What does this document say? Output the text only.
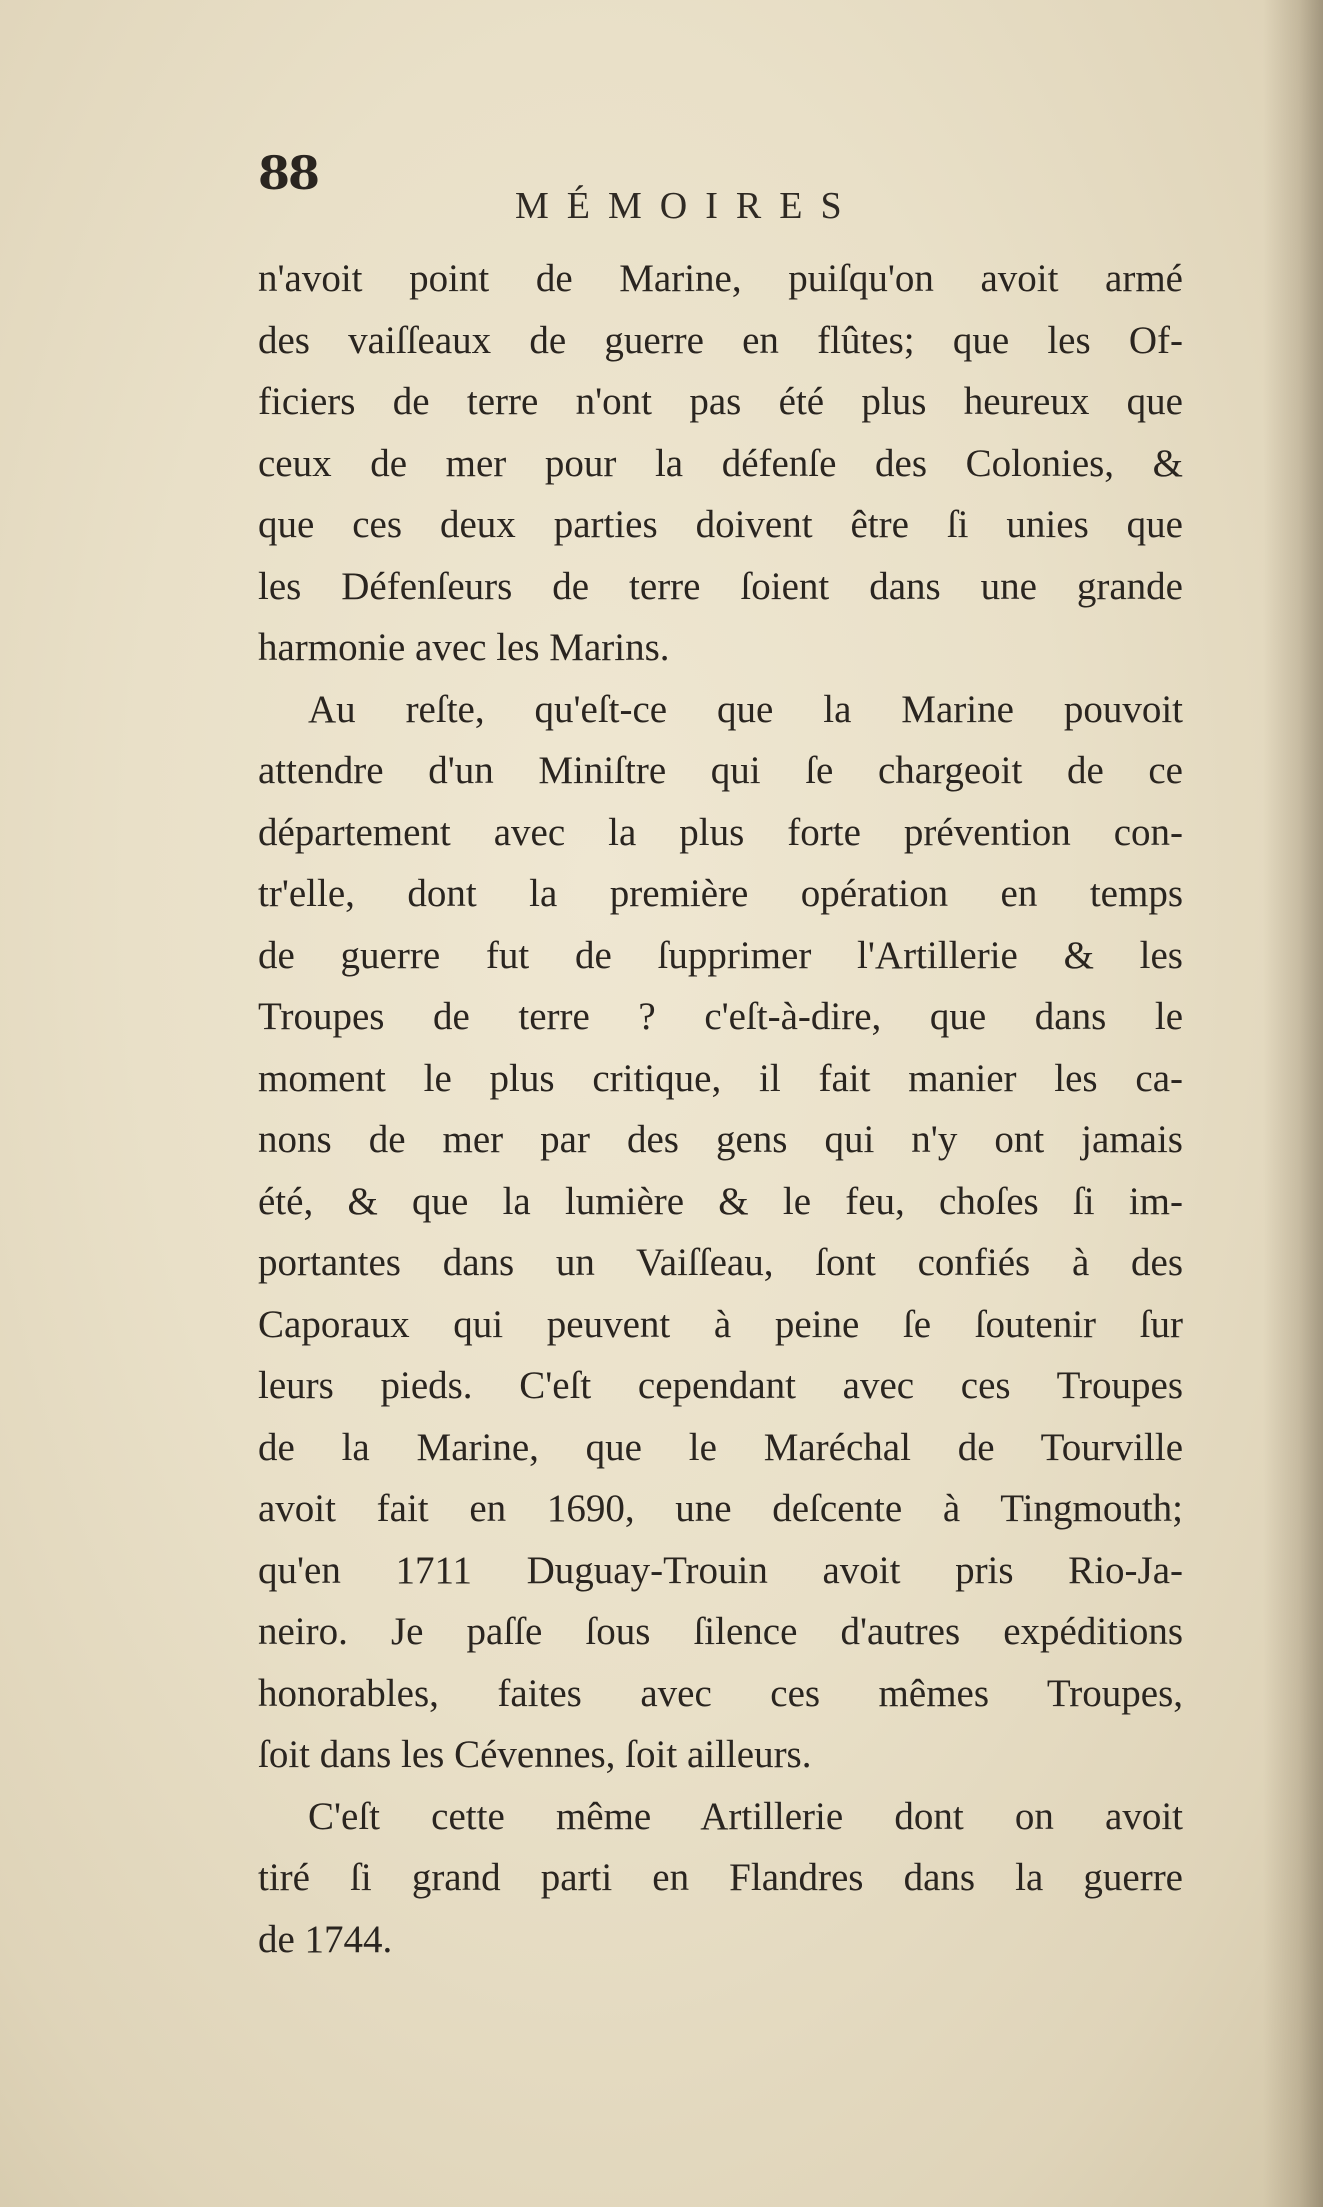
88
MÉMOIRES
n'avoit point de Marine, puiſqu'on avoit armé
des vaiſſeaux de guerre en flûtes; que les Of-
ficiers de terre n'ont pas été plus heureux que
ceux de mer pour la défenſe des Colonies, &
que ces deux parties doivent être ſi unies que
les Défenſeurs de terre ſoient dans une grande
harmonie avec les Marins.
Au reſte, qu'eſt-ce que la Marine pouvoit
attendre d'un Miniſtre qui ſe chargeoit de ce
département avec la plus forte prévention con-
tr'elle, dont la première opération en temps
de guerre fut de ſupprimer l'Artillerie & les
Troupes de terre ? c'eſt-à-dire, que dans le
moment le plus critique, il fait manier les ca-
nons de mer par des gens qui n'y ont jamais
été, & que la lumière & le feu, choſes ſi im-
portantes dans un Vaiſſeau, ſont confiés à des
Caporaux qui peuvent à peine ſe ſoutenir ſur
leurs pieds. C'eſt cependant avec ces Troupes
de la Marine, que le Maréchal de Tourville
avoit fait en 1690, une deſcente à Tingmouth;
qu'en 1711 Duguay-Trouin avoit pris Rio-Ja-
neiro. Je paſſe ſous ſilence d'autres expéditions
honorables, faites avec ces mêmes Troupes,
ſoit dans les Cévennes, ſoit ailleurs.
C'eſt cette même Artillerie dont on avoit
tiré ſi grand parti en Flandres dans la guerre
de 1744.
